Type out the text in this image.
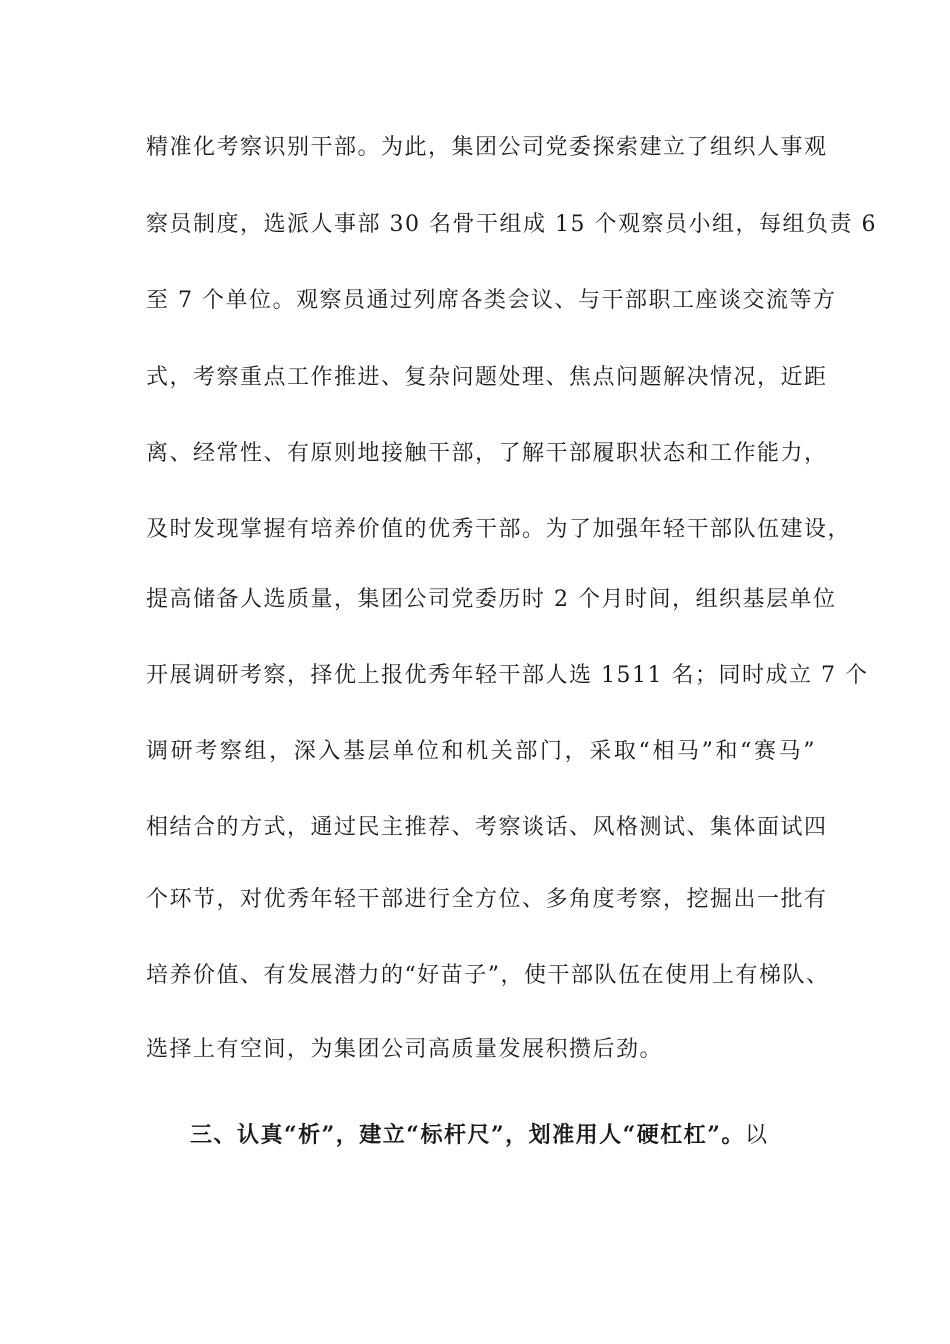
精准化考察识别干部。为此，集团公司党委探索建立了组织人事观
察员制度，选派人事部 30 名骨干组成 15 个观察员小组，每组负责 6
至 7 个单位。观察员通过列席各类会议、与干部职工座谈交流等方
式，考察重点工作推进、复杂问题处理、焦点问题解决情况，近距
离、经常性、有原则地接触干部，了解干部履职状态和工作能力，
及时发现掌握有培养价值的优秀干部。为了加强年轻干部队伍建设，
提高储备人选质量，集团公司党委历时 2 个月时间，组织基层单位
开展调研考察，择优上报优秀年轻干部人选 1511 名；同时成立 7 个
调研考察组，深入基层单位和机关部门，采取“相马”和“赛马”
相结合的方式，通过民主推荐、考察谈话、风格测试、集体面试四
个环节，对优秀年轻干部进行全方位、多角度考察，挖掘出一批有
培养价值、有发展潜力的“好苗子”，使干部队伍在使用上有梯队、
选择上有空间，为集团公司高质量发展积攒后劲。
三、认真“析”，建立“标杆尺”，划准用人“硬杠杠”。以
